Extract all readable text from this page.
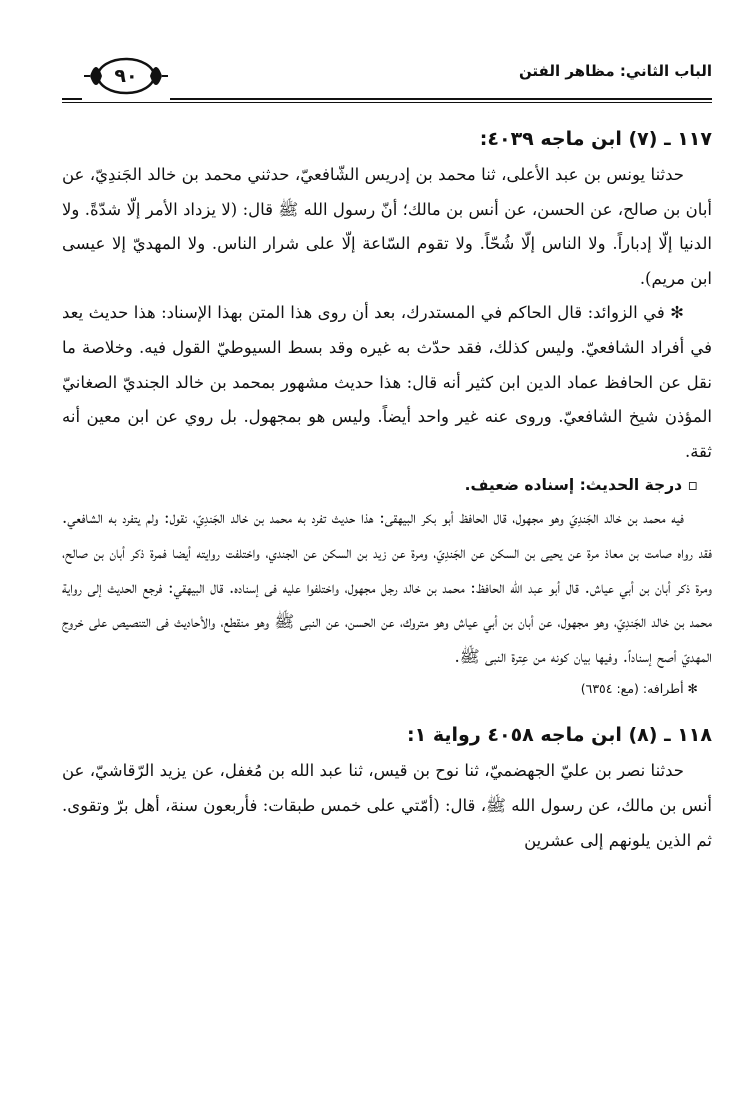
الباب الثاني: مظاهر الفتن
٩٠
١١٧ ـ (٧) ابن ماجه ٤٠٣٩:

حدثنا يونس بن عبد الأعلى، ثنا محمد بن إدريس الشّافعيّ، حدثني محمد بن خالد الجَندِيّ، عن أبان بن صالح، عن الحسن، عن أنس بن مالك؛ أنّ رسول الله ﷺ قال: (لا يزداد الأمر إلّا شدّةً. ولا الدنيا إلّا إدباراً. ولا الناس إلّا شُحّاً. ولا تقوم السّاعة إلّا على شرار الناس. ولا المهديّ إلا عيسى ابن مريم).

✻ في الزوائد: قال الحاكم في المستدرك، بعد أن روى هذا المتن بهذا الإسناد: هذا حديث يعد في أفراد الشافعيّ. وليس كذلك، فقد حدّث به غيره وقد بسط السيوطيّ القول فيه. وخلاصة ما نقل عن الحافظ عماد الدين ابن كثير أنه قال: هذا حديث مشهور بمحمد بن خالد الجنديّ الصغانيّ المؤذن شيخ الشافعيّ. وروى عنه غير واحد أيضاً. وليس هو بمجهول. بل روي عن ابن معين أنه ثقة.

▫ درجة الحديث: إسناده ضعيف.

فيه محمد بن خالد الجَندِيّ وهو مجهول، قال الحافظ أبو بكر البيهقى: هذا حديث تفرد به محمد بن خالد الجَندِيّ، نقول: ولم يتفرد به الشافعي. فقد رواه صامت بن معاذ مرة عن يحيى بن السكن عن الجَندِيّ، ومرة عن زيد بن السكن عن الجندي، واختلفت روايته أيضا فمرة ذكر أبان بن صالح، ومرة ذكر أبان بن أبي عياش. قال أبو عبد الله الحافظ: محمد بن خالد رجل مجهول، واختلفوا عليه فى إسناده. قال البيهقي: فرجع الحديث إلى رواية محمد بن خالد الجَندِيّ، وهو مجهول، عن أبان بن أبي عياش وهو متروك، عن الحسن، عن النبى ﷺ وهو منقطع، والأحاديث فى التنصيص على خروج المهديّ أصح إسناداً. وفيها بيان كونه من عِترة النبى ﷺ.

✻ أطرافه: (مع: ٦٣٥٤)

١١٨ ـ (٨) ابن ماجه ٤٠٥٨ رواية ١:

حدثنا نصر بن عليّ الجهضميّ، ثنا نوح بن قيس، ثنا عبد الله بن مُغفل، عن يزيد الرّقاشيّ، عن أنس بن مالك، عن رسول الله ﷺ، قال: (أمّتي على خمس طبقات: فأربعون سنة، أهل برّ وتقوى. ثم الذين يلونهم إلى عشرين
